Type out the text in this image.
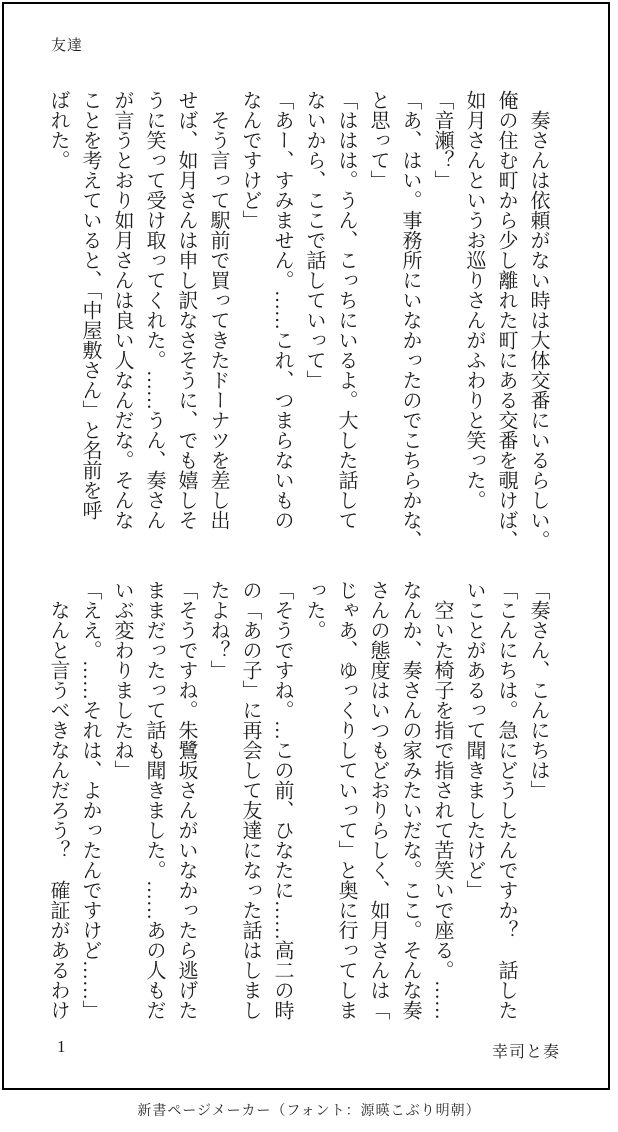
友達
　奏さんは依頼がない時は大体交番にいるらしい。
俺の住む町から少し離れた町にある交番を覗けば、
如月さんというお巡りさんがふわりと笑った。
「音瀬？」
「あ、はい。事務所にいなかったのでこちらかな、
と思って」
「ははは。うん、こっちにいるよ。大した話して
ないから、ここで話していって」
「あー、すみません。……これ、つまらないもの
なんですけど」
　そう言って駅前で買ってきたドーナツを差し出
せば、如月さんは申し訳なさそうに、でも嬉しそ
うに笑って受け取ってくれた。……うん、奏さん
が言うとおり如月さんは良い人なんだな。そんな
ことを考えていると、「中屋敷さん」と名前を呼
ばれた。
「奏さん、こんにちは」
「こんにちは。急にどうしたんですか？　話した
いことがあるって聞きましたけど」
　空いた椅子を指で指されて苦笑いで座る。……
なんか、奏さんの家みたいだな。ここ。そんな奏
さんの態度はいつもどおりらしく、如月さんは「
じゃあ、ゆっくりしていって」と奥に行ってしま
った。
「そうですね。…この前、ひなたに……高二の時
の「あの子」に再会して友達になった話はしまし
たよね？」
「そうですね。朱鷺坂さんがいなかったら逃げた
ままだったって話も聞きました。……あの人もだ
いぶ変わりましたね」
「ええ。……それは、よかったんですけど……」
　なんと言うべきなんだろう？　確証があるわけ
1	幸司と奏
新書ページメーカー（フォント：源暎こぶり明朝）
